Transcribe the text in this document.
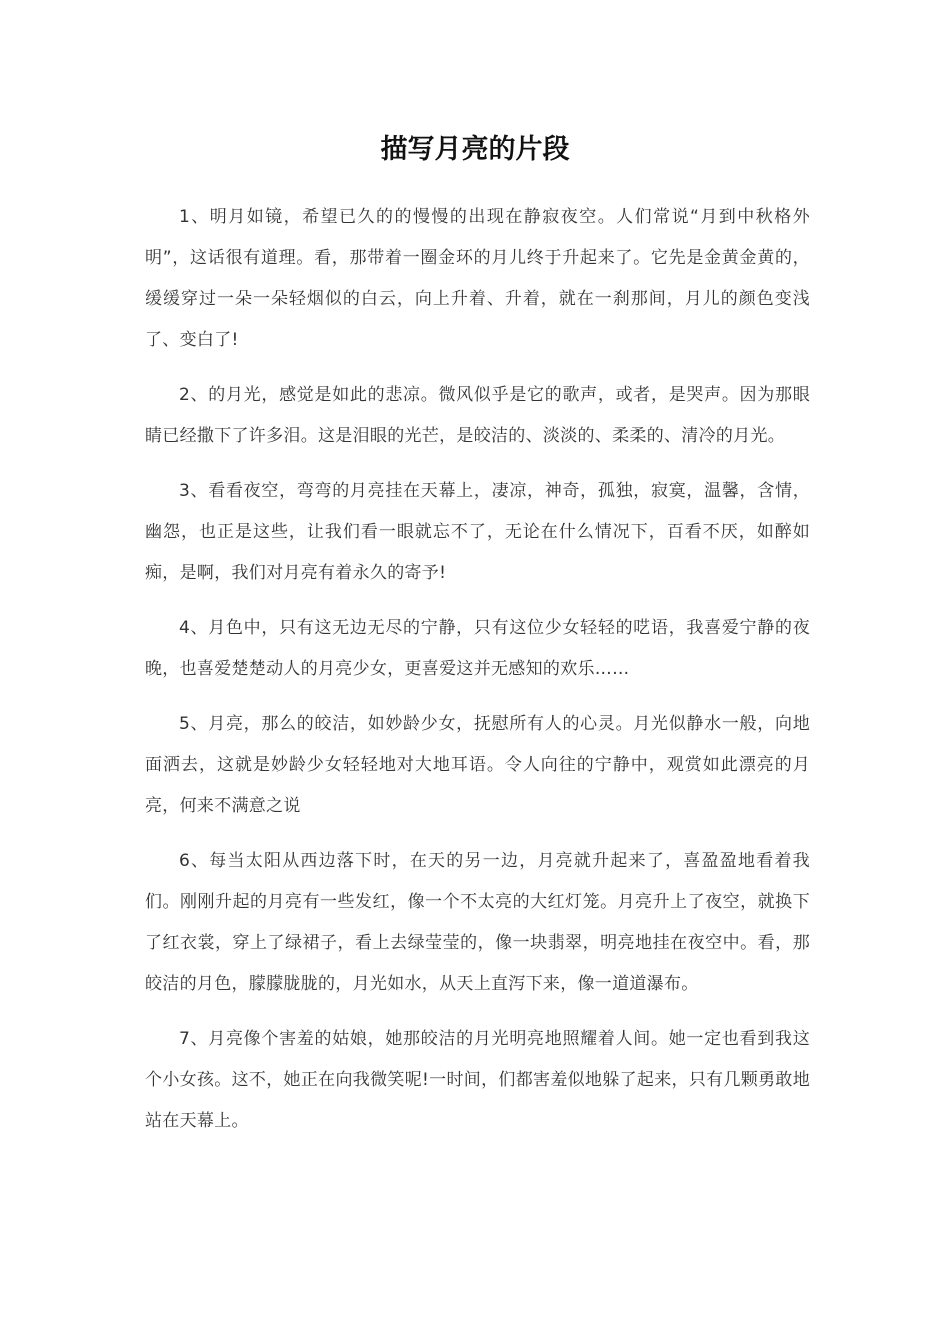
描写月亮的片段

1、明月如镜，希望已久的的慢慢的出现在静寂夜空。人们常说“月到中秋格外明”，这话很有道理。看，那带着一圈金环的月儿终于升起来了。它先是金黄金黄的，缓缓穿过一朵一朵轻烟似的白云，向上升着、升着，就在一刹那间，月儿的颜色变浅了、变白了!

2、的月光，感觉是如此的悲凉。微风似乎是它的歌声，或者，是哭声。因为那眼睛已经撒下了许多泪。这是泪眼的光芒，是皎洁的、淡淡的、柔柔的、清冷的月光。

3、看看夜空，弯弯的月亮挂在天幕上，凄凉，神奇，孤独，寂寞，温馨，含情，幽怨，也正是这些，让我们看一眼就忘不了，无论在什么情况下，百看不厌，如醉如痴，是啊，我们对月亮有着永久的寄予!

4、月色中，只有这无边无尽的宁静，只有这位少女轻轻的呓语，我喜爱宁静的夜晚，也喜爱楚楚动人的月亮少女，更喜爱这并无感知的欢乐……

5、月亮，那么的皎洁，如妙龄少女，抚慰所有人的心灵。月光似静水一般，向地面洒去，这就是妙龄少女轻轻地对大地耳语。令人向往的宁静中，观赏如此漂亮的月亮，何来不满意之说

6、每当太阳从西边落下时，在天的另一边，月亮就升起来了，喜盈盈地看着我们。刚刚升起的月亮有一些发红，像一个不太亮的大红灯笼。月亮升上了夜空，就换下了红衣裳，穿上了绿裙子，看上去绿莹莹的，像一块翡翠，明亮地挂在夜空中。看，那皎洁的月色，朦朦胧胧的，月光如水，从天上直泻下来，像一道道瀑布。

7、月亮像个害羞的姑娘，她那皎洁的月光明亮地照耀着人间。她一定也看到我这个小女孩。这不，她正在向我微笑呢!一时间，们都害羞似地躲了起来，只有几颗勇敢地站在天幕上。
